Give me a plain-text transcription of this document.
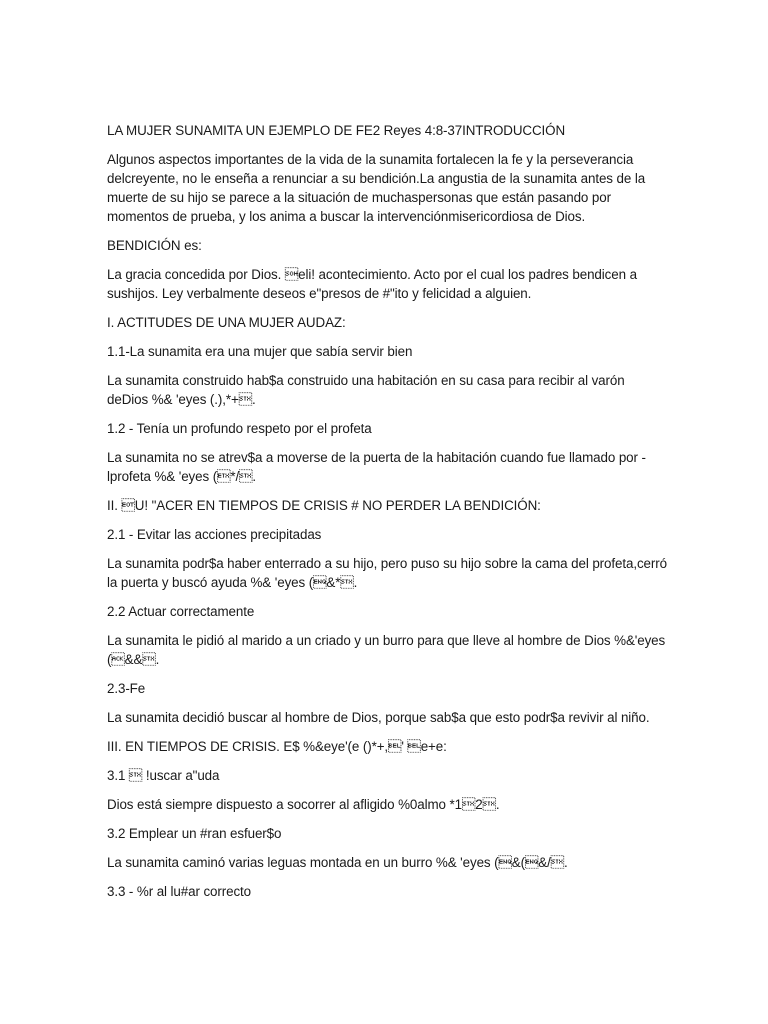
LA MUJER SUNAMITA UN EJEMPLO DE FE2 Reyes 4:8-37INTRODUCCIÓN

Algunos aspectos importantes de la vida de la sunamita fortalecen la fe y la perseverancia delcreyente, no le enseña a renunciar a su bendición.La angustia de la sunamita antes de la muerte de su hijo se parece a la situación de muchaspersonas que están pasando por momentos de prueba, y los anima a buscar la intervenciónmisericordiosa de Dios.

BENDICIÓN es:

La gracia concedida por Dios. eli! acontecimiento. Acto por el cual los padres bendicen a sushijos. Ley verbalmente deseos e"presos de #"ito y felicidad a alguien.

I. ACTITUDES DE UNA MUJER AUDAZ:

1.1-La sunamita era una mujer que sabía servir bien

La sunamita construido hab$a construido una habitación en su casa para recibir al varón deDios %& 'eyes (.),*+.

1.2 - Tenía un profundo respeto por el profeta

La sunamita no se atrev$a a moverse de la puerta de la habitación cuando fue llamado por -lprofeta %& 'eyes (*/.

II. U! "ACER EN TIEMPOS DE CRISIS # NO PERDER LA BENDICIÓN:

2.1 - Evitar las acciones precipitadas

La sunamita podr$a haber enterrado a su hijo, pero puso su hijo sobre la cama del profeta,cerró la puerta y buscó ayuda %& 'eyes (&*.

2.2 Actuar correctamente

La sunamita le pidió al marido a un criado y un burro para que lleve al hombre de Dios %&'eyes (&&.

2.3-Fe

La sunamita decidió buscar al hombre de Dios, porque sab$a que esto podr$a revivir al niño.

III. EN TIEMPOS DE CRISIS. E$ %&eye'(e ()*+,' e+e:

3.1  !uscar a"uda

Dios está siempre dispuesto a socorrer al afligido %0almo *12.

3.2 Emplear un #ran esfuer$o

La sunamita caminó varias leguas montada en un burro %& 'eyes (&(&/.

3.3 - %r al lu#ar correcto
